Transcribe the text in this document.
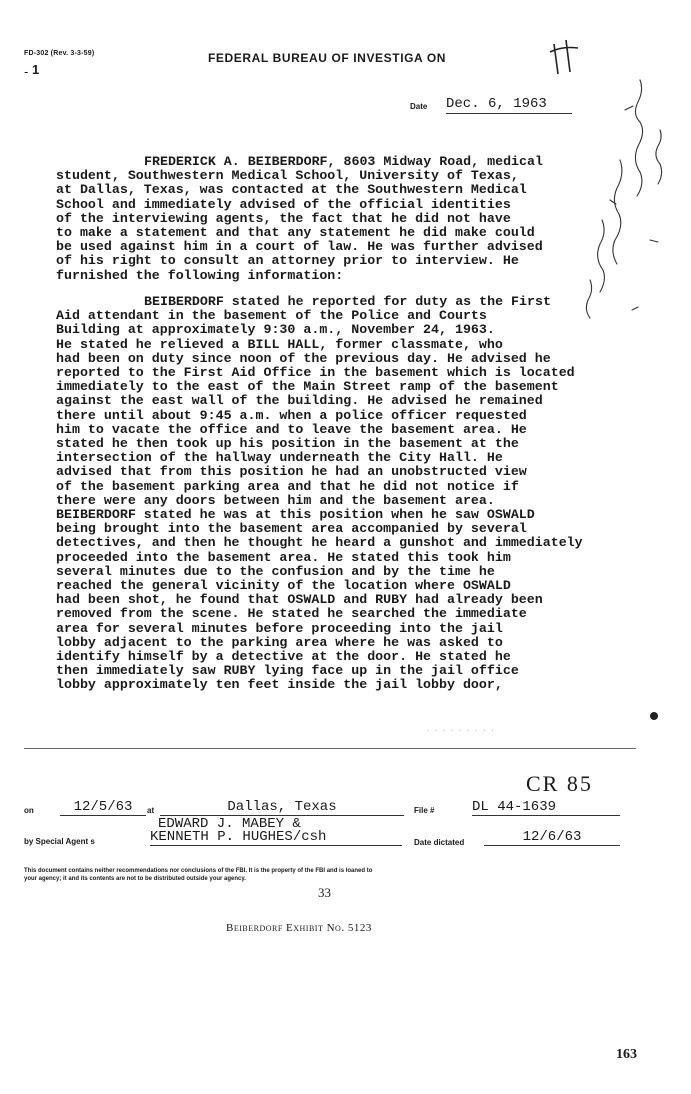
FD-302 (Rev. 3-3-59)
- 1
FEDERAL BUREAU OF INVESTIGA ON
Date Dec. 6, 1963
FREDERICK A. BEIBERDORF, 8603 Midway Road, medical
student, Southwestern Medical School, University of Texas,
at Dallas, Texas, was contacted at the Southwestern Medical
School and immediately advised of the official identities
of the interviewing agents, the fact that he did not have
to make a statement and that any statement he did make could
be used against him in a court of law. He was further advised
of his right to consult an attorney prior to interview. He
furnished the following information:
BEIBERDORF stated he reported for duty as the First
Aid attendant in the basement of the Police and Courts
Building at approximately 9:30 a.m., November 24, 1963.
He stated he relieved a BILL HALL, former classmate, who
had been on duty since noon of the previous day. He advised he
reported to the First Aid Office in the basement which is located
immediately to the east of the Main Street ramp of the basement
against the east wall of the building. He advised he remained
there until about 9:45 a.m. when a police officer requested
him to vacate the office and to leave the basement area. He
stated he then took up his position in the basement at the
intersection of the hallway underneath the City Hall. He
advised that from this position he had an unobstructed view
of the basement parking area and that he did not notice if
there were any doors between him and the basement area.
BEIBERDORF stated he was at this position when he saw OSWALD
being brought into the basement area accompanied by several
detectives, and then he thought he heard a gunshot and immediately
proceeded into the basement area. He stated this took him
several minutes due to the confusion and by the time he
reached the general vicinity of the location where OSWALD
had been shot, he found that OSWALD and RUBY had already been
removed from the scene. He stated he searched the immediate
area for several minutes before proceeding into the jail
lobby adjacent to the parking area where he was asked to
identify himself by a detective at the door. He stated he
then immediately saw RUBY lying face up in the jail office
lobby approximately ten feet inside the jail lobby door,
· · · · · · · · ·
CR 85
on	12/5/63	at	Dallas, Texas	File #	DL 44-1639
EDWARD J. MABEY &
by Special Agent s	KENNETH P. HUGHES/csh	Date dictated	12/6/63
This document contains neither recommendations nor conclusions of the FBI. It is the property of the FBI and is loaned to
your agency; it and its contents are not to be distributed outside your agency.
33
Beiberdorf Exhibit No. 5123
163
